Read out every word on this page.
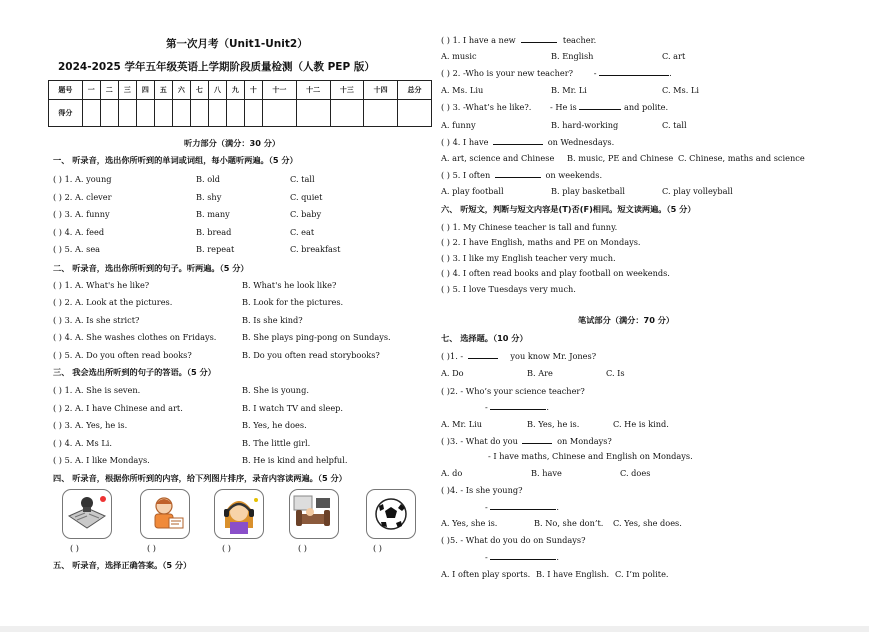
第一次月考（Unit1-Unit2）
2024-2025 学年五年级英语上学期阶段质量检测（人教 PEP 版）
题号	一	二	三	四	五	六	七	八	九	十	十一	十二	十三	十四	总分
得分															
听力部分（满分：30 分）
一、 听录音，选出你所听到的单词或词组，每小题听两遍。（5 分）
( ) 1. A. young	B. old	C. tall
( ) 2. A. clever	B. shy	C. quiet
( ) 3. A. funny	B. many	C. baby
( ) 4. A. feed	B. bread	C. eat
( ) 5. A. sea	B. repeat	C. breakfast
二、 听录音，选出你所听到的句子。听两遍。（5 分）
( ) 1. A. What's he like?	B. What's he look like?
( ) 2. A. Look at the pictures.	B. Look for the pictures.
( ) 3. A. Is she strict?	B. Is she kind?
( ) 4. A. She washes clothes on Fridays.	B. She plays ping-pong on Sundays.
( ) 5. A. Do you often read books?	B. Do you often read storybooks?
三、 我会选出所听到的句子的答语。（5 分）
( ) 1. A. She is seven.	B. She is young.
( ) 2. A. I have Chinese and art.	B. I watch TV and sleep.
( ) 3. A. Yes, he is.	B. Yes, he does.
( ) 4. A. Ms Li.	B. The little girl.
( ) 5. A. I like Mondays.	B. He is kind and helpful.
四、 听录音，根据你所听到的内容，给下列图片排序，录音内容读两遍。（5 分）
( )	( )	( )	( )	( )
五、 听录音，选择正确答案。（5 分）
( ) 1. I have a new	teacher.
A. music	B. English	C. art
( ) 2. -Who is your new teacher?	-	.
A. Ms. Liu	B. Mr. Li	C. Ms. Li
( ) 3. -What’s he like?. - He is	and polite.
A. funny	B. hard-working	C. tall
( ) 4. I have	on Wednesdays.
A. art, science and Chinese B. music, PE and Chinese C. Chinese, maths and science
( ) 5. I often	on weekends.
A. play football	B. play basketball	C. play volleyball
六、 听短文，判断与短文内容是(T)否(F)相同。短文读两遍。（5 分）
( ) 1. My Chinese teacher is tall and funny.
( ) 2. I have English, maths and PE on Mondays.
( ) 3. I like my English teacher very much.
( ) 4. I often read books and play football on weekends.
( ) 5. I love Tuesdays very much.
笔试部分（满分：70 分）
七、 选择题。（10 分）
( )1. -	you know Mr. Jones?
A. Do	B. Are	C. Is
( )2. - Who’s your science teacher?
-	.
A. Mr. Liu	B. Yes, he is.	C. He is kind.
( )3. - What do you	on Mondays?
- I have maths, Chinese and English on Mondays.
A. do	B. have	C. does
( )4. - Is she young?
-	.
A. Yes, she is.	B. No, she don’t. C. Yes, she does.
( )5. - What do you do on Sundays?
-	.
A. I often play sports. B. I have English. C. I’m polite.
